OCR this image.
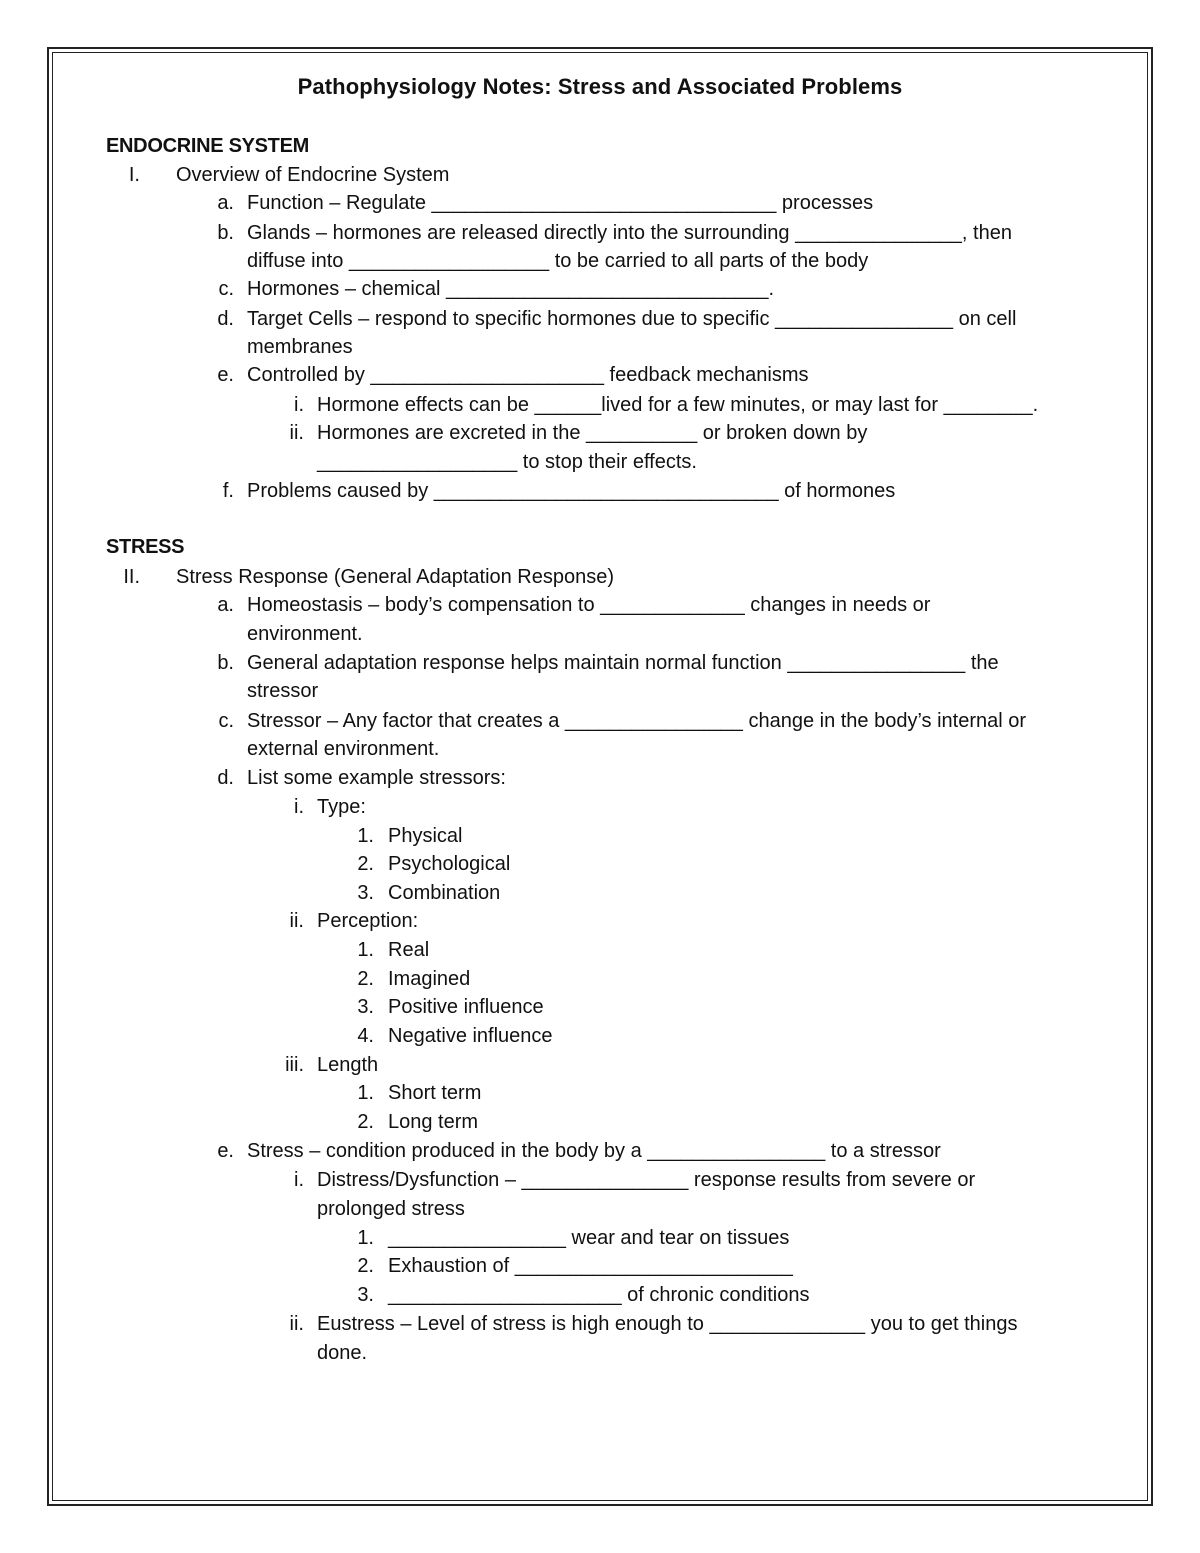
Pathophysiology Notes: Stress and Associated Problems
ENDOCRINE SYSTEM
I. Overview of Endocrine System
a. Function – Regulate _______________________________ processes
b. Glands – hormones are released directly into the surrounding _______________, then
diffuse into __________________ to be carried to all parts of the body
c. Hormones – chemical _____________________________.
d. Target Cells – respond to specific hormones due to specific ________________ on cell
membranes
e. Controlled by _____________________ feedback mechanisms
i. Hormone effects can be ______lived for a few minutes, or may last for ________.
ii. Hormones are excreted in the __________ or broken down by
__________________ to stop their effects.
f. Problems caused by _______________________________ of hormones
STRESS
II. Stress Response (General Adaptation Response)
a. Homeostasis – body’s compensation to _____________ changes in needs or
environment.
b. General adaptation response helps maintain normal function ________________ the
stressor
c. Stressor – Any factor that creates a ________________ change in the body’s internal or
external environment.
d. List some example stressors:
i. Type:
1. Physical
2. Psychological
3. Combination
ii. Perception:
1. Real
2. Imagined
3. Positive influence
4. Negative influence
iii. Length
1. Short term
2. Long term
e. Stress – condition produced in the body by a ________________ to a stressor
i. Distress/Dysfunction – _______________ response results from severe or
prolonged stress
1. ________________ wear and tear on tissues
2. Exhaustion of _________________________
3. _____________________ of chronic conditions
ii. Eustress – Level of stress is high enough to ______________ you to get things
done.
